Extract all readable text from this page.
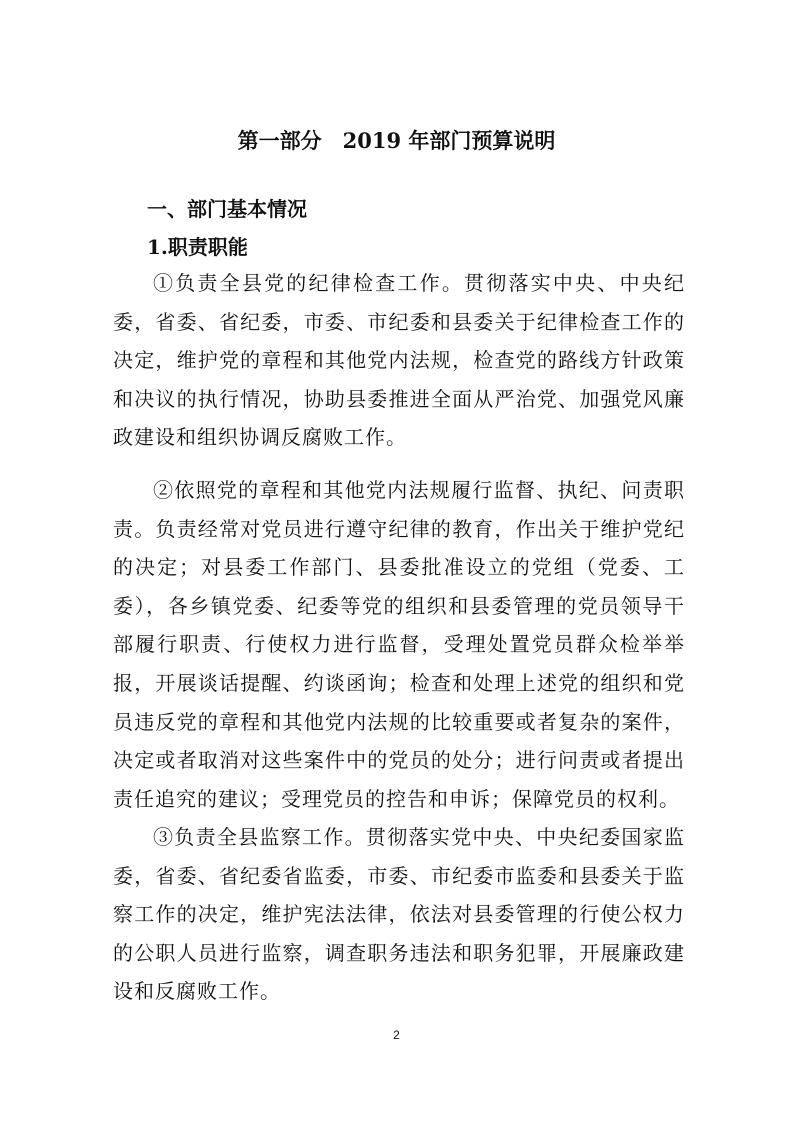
第一部分　2019 年部门预算说明
一、部门基本情况
1.职责职能

①负责全县党的纪律检查工作。贯彻落实中央、中央纪委，省委、省纪委，市委、市纪委和县委关于纪律检查工作的决定，维护党的章程和其他党内法规，检查党的路线方针政策和决议的执行情况，协助县委推进全面从严治党、加强党风廉政建设和组织协调反腐败工作。

②依照党的章程和其他党内法规履行监督、执纪、问责职责。负责经常对党员进行遵守纪律的教育，作出关于维护党纪的决定；对县委工作部门、县委批准设立的党组（党委、工委），各乡镇党委、纪委等党的组织和县委管理的党员领导干部履行职责、行使权力进行监督，受理处置党员群众检举举报，开展谈话提醒、约谈函询；检查和处理上述党的组织和党员违反党的章程和其他党内法规的比较重要或者复杂的案件，决定或者取消对这些案件中的党员的处分；进行问责或者提出责任追究的建议；受理党员的控告和申诉；保障党员的权利。

③负责全县监察工作。贯彻落实党中央、中央纪委国家监委，省委、省纪委省监委，市委、市纪委市监委和县委关于监察工作的决定，维护宪法法律，依法对县委管理的行使公权力的公职人员进行监察，调查职务违法和职务犯罪，开展廉政建设和反腐败工作。

2
